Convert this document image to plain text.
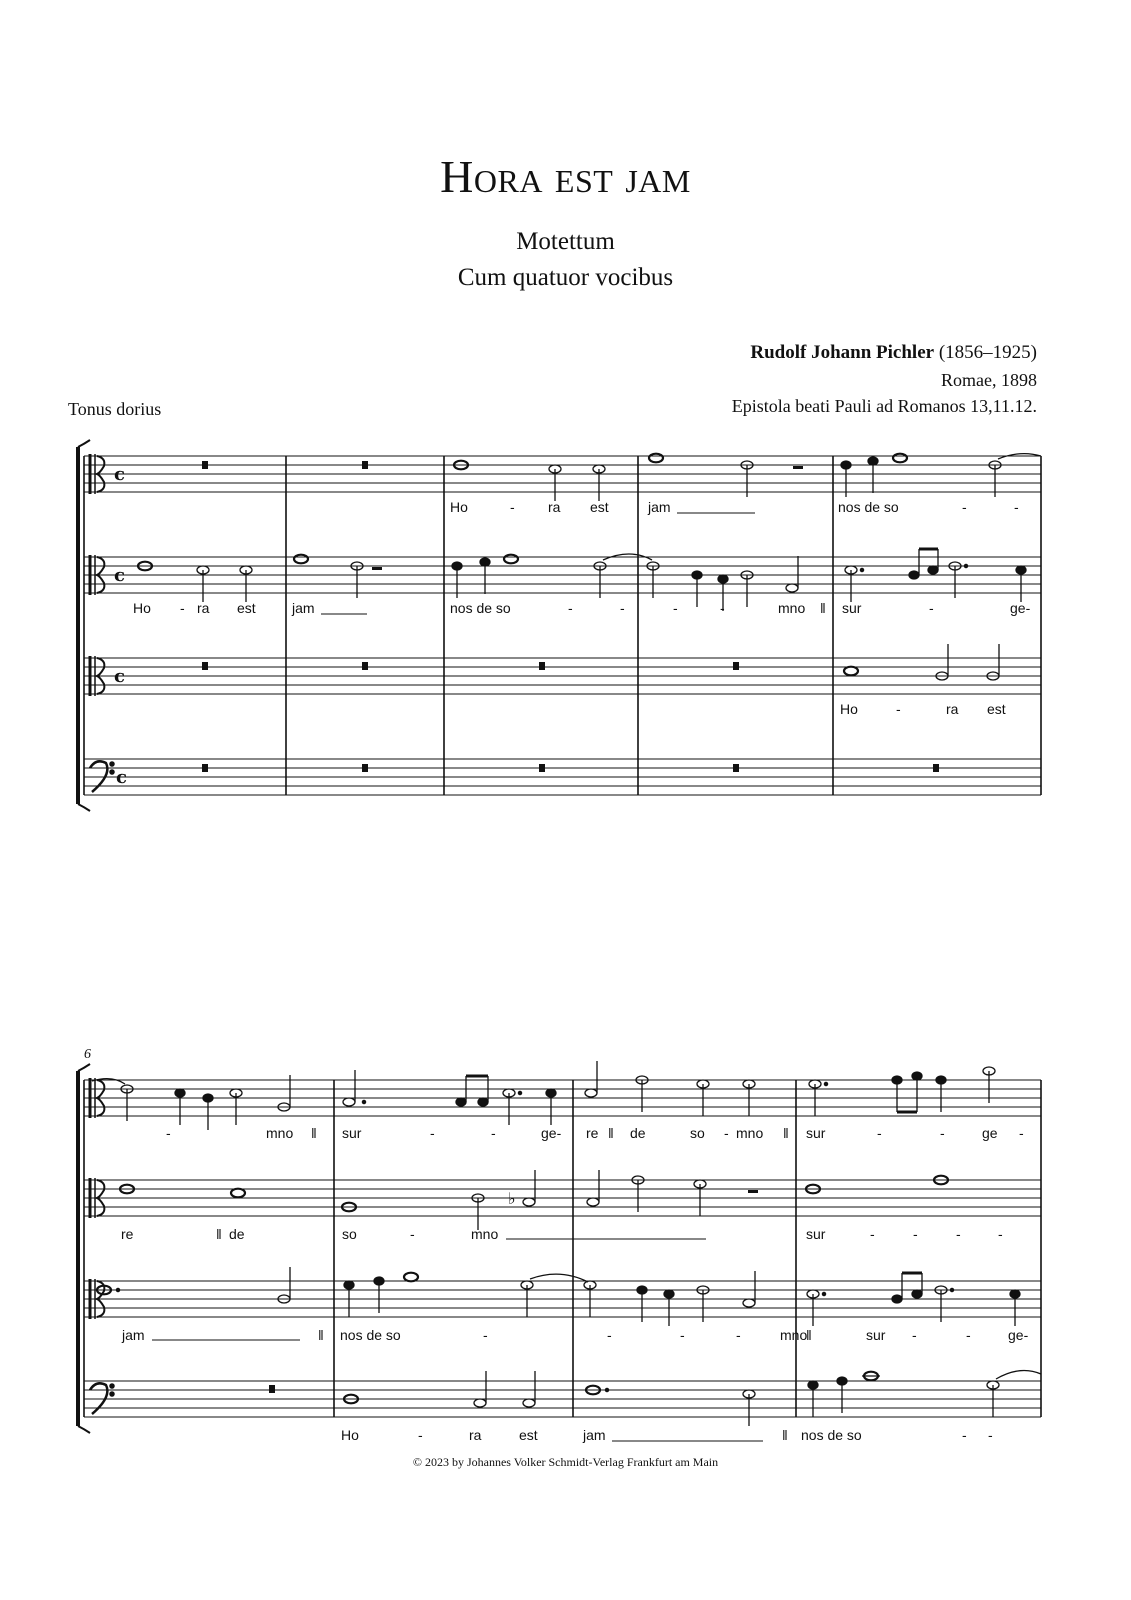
Hora est jam
Motettum
Cum quatuor vocibus
Rudolf Johann Pichler (1856–1925)
Romae, 1898
Epistola beati Pauli ad Romanos 13,11.12.
Tonus dorius
6
c
c
c
c
♭
Ho	- ra est	jam	nos de so	-	-
Ho - ra est	jam	nos de so	-	-	-	-	mno ‖ sur	-	ge-
Ho	-	ra est
-	mno ‖ sur	-	-	ge- re ‖ de	so - mno ‖ sur	-	-	ge -
re	‖ de	so	-	mno	sur	-	-	-	-
jam	‖ nos de so	-	-	-	-	mno
‖	sur -	-	ge-
Ho	-	ra	est	jam	‖ nos de so	- -
© 2023 by Johannes Volker Schmidt-Verlag Frankfurt am Main
